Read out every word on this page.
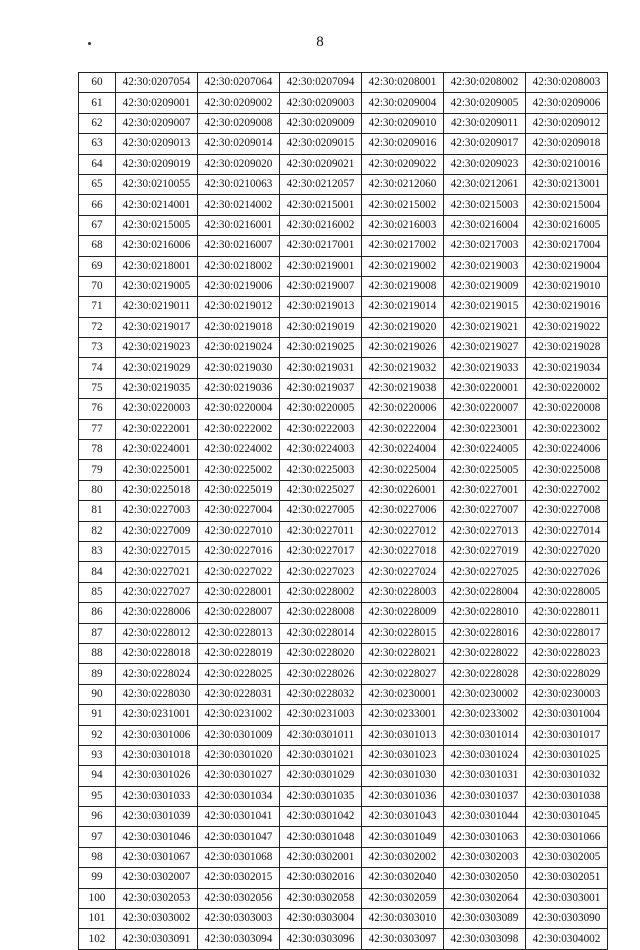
8
60	42:30:0207054	42:30:0207064	42:30:0207094	42:30:0208001	42:30:0208002	42:30:0208003
61	42:30:0209001	42:30:0209002	42:30:0209003	42:30:0209004	42:30:0209005	42:30:0209006
62	42:30:0209007	42:30:0209008	42:30:0209009	42:30:0209010	42:30:0209011	42:30:0209012
63	42:30:0209013	42:30:0209014	42:30:0209015	42:30:0209016	42:30:0209017	42:30:0209018
64	42:30:0209019	42:30:0209020	42:30:0209021	42:30:0209022	42:30:0209023	42:30:0210016
65	42:30:0210055	42:30:0210063	42:30:0212057	42:30:0212060	42:30:0212061	42:30:0213001
66	42:30:0214001	42:30:0214002	42:30:0215001	42:30:0215002	42:30:0215003	42:30:0215004
67	42:30:0215005	42:30:0216001	42:30:0216002	42:30:0216003	42:30:0216004	42:30:0216005
68	42:30:0216006	42:30:0216007	42:30:0217001	42:30:0217002	42:30:0217003	42:30:0217004
69	42:30:0218001	42:30:0218002	42:30:0219001	42:30:0219002	42:30:0219003	42:30:0219004
70	42:30:0219005	42:30:0219006	42:30:0219007	42:30:0219008	42:30:0219009	42:30:0219010
71	42:30:0219011	42:30:0219012	42:30:0219013	42:30:0219014	42:30:0219015	42:30:0219016
72	42:30:0219017	42:30:0219018	42:30:0219019	42:30:0219020	42:30:0219021	42:30:0219022
73	42:30:0219023	42:30:0219024	42:30:0219025	42:30:0219026	42:30:0219027	42:30:0219028
74	42:30:0219029	42:30:0219030	42:30:0219031	42:30:0219032	42:30:0219033	42:30:0219034
75	42:30:0219035	42:30:0219036	42:30:0219037	42:30:0219038	42:30:0220001	42:30:0220002
76	42:30:0220003	42:30:0220004	42:30:0220005	42:30:0220006	42:30:0220007	42:30:0220008
77	42:30:0222001	42:30:0222002	42:30:0222003	42:30:0222004	42:30:0223001	42:30:0223002
78	42:30:0224001	42:30:0224002	42:30:0224003	42:30:0224004	42:30:0224005	42:30:0224006
79	42:30:0225001	42:30:0225002	42:30:0225003	42:30:0225004	42:30:0225005	42:30:0225008
80	42:30:0225018	42:30:0225019	42:30:0225027	42:30:0226001	42:30:0227001	42:30:0227002
81	42:30:0227003	42:30:0227004	42:30:0227005	42:30:0227006	42:30:0227007	42:30:0227008
82	42:30:0227009	42:30:0227010	42:30:0227011	42:30:0227012	42:30:0227013	42:30:0227014
83	42:30:0227015	42:30:0227016	42:30:0227017	42:30:0227018	42:30:0227019	42:30:0227020
84	42:30:0227021	42:30:0227022	42:30:0227023	42:30:0227024	42:30:0227025	42:30:0227026
85	42:30:0227027	42:30:0228001	42:30:0228002	42:30:0228003	42:30:0228004	42:30:0228005
86	42:30:0228006	42:30:0228007	42:30:0228008	42:30:0228009	42:30:0228010	42:30:0228011
87	42:30:0228012	42:30:0228013	42:30:0228014	42:30:0228015	42:30:0228016	42:30:0228017
88	42:30:0228018	42:30:0228019	42:30:0228020	42:30:0228021	42:30:0228022	42:30:0228023
89	42:30:0228024	42:30:0228025	42:30:0228026	42:30:0228027	42:30:0228028	42:30:0228029
90	42:30:0228030	42:30:0228031	42:30:0228032	42:30:0230001	42:30:0230002	42:30:0230003
91	42:30:0231001	42:30:0231002	42:30:0231003	42:30:0233001	42:30:0233002	42:30:0301004
92	42:30:0301006	42:30:0301009	42:30:0301011	42:30:0301013	42:30:0301014	42:30:0301017
93	42:30:0301018	42:30:0301020	42:30:0301021	42:30:0301023	42:30:0301024	42:30:0301025
94	42:30:0301026	42:30:0301027	42:30:0301029	42:30:0301030	42:30:0301031	42:30:0301032
95	42:30:0301033	42:30:0301034	42:30:0301035	42:30:0301036	42:30:0301037	42:30:0301038
96	42:30:0301039	42:30:0301041	42:30:0301042	42:30:0301043	42:30:0301044	42:30:0301045
97	42:30:0301046	42:30:0301047	42:30:0301048	42:30:0301049	42:30:0301063	42:30:0301066
98	42:30:0301067	42:30:0301068	42:30:0302001	42:30:0302002	42:30:0302003	42:30:0302005
99	42:30:0302007	42:30:0302015	42:30:0302016	42:30:0302040	42:30:0302050	42:30:0302051
100	42:30:0302053	42:30:0302056	42:30:0302058	42:30:0302059	42:30:0302064	42:30:0303001
101	42:30:0303002	42:30:0303003	42:30:0303004	42:30:0303010	42:30:0303089	42:30:0303090
102	42:30:0303091	42:30:0303094	42:30:0303096	42:30:0303097	42:30:0303098	42:30:0304002
